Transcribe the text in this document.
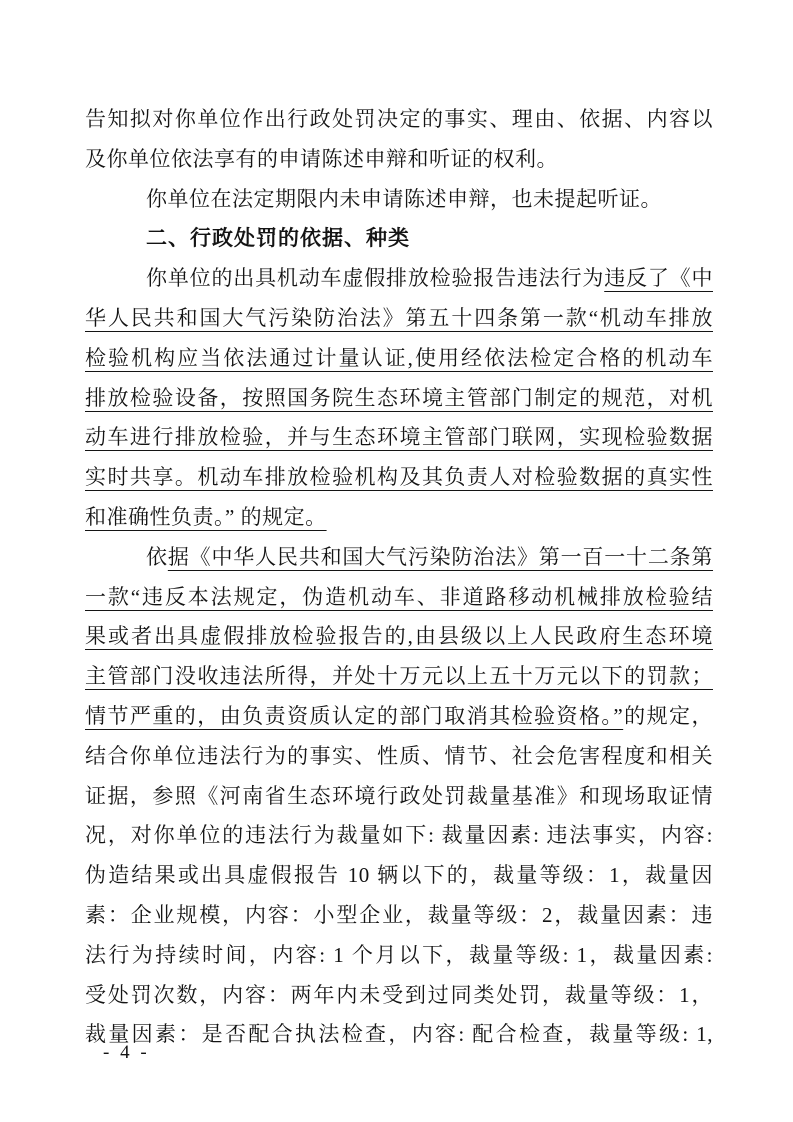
告知拟对你单位作出行政处罚决定的事实、理由、依据、内容以
及你单位依法享有的申请陈述申辩和听证的权利。
你单位在法定期限内未申请陈述申辩，也未提起听证。
二、行政处罚的依据、种类
你单位的出具机动车虚假排放检验报告违法行为违反了《中
华人民共和国大气污染防治法》第五十四条第一款“机动车排放
检验机构应当依法通过计量认证,使用经依法检定合格的机动车
排放检验设备，按照国务院生态环境主管部门制定的规范，对机
动车进行排放检验，并与生态环境主管部门联网，实现检验数据
实时共享。机动车排放检验机构及其负责人对检验数据的真实性
和准确性负责。” 的规定。
依据《中华人民共和国大气污染防治法》第一百一十二条第
一款“违反本法规定，伪造机动车、非道路移动机械排放检验结
果或者出具虚假排放检验报告的,由县级以上人民政府生态环境
主管部门没收违法所得，并处十万元以上五十万元以下的罚款；
情节严重的，由负责资质认定的部门取消其检验资格。”的规定，
结合你单位违法行为的事实、性质、情节、社会危害程度和相关
证据，参照《河南省生态环境行政处罚裁量基准》和现场取证情
况，对你单位的违法行为裁量如下: 裁量因素: 违法事实，内容:
伪造结果或出具虚假报告 10 辆以下的，裁量等级：1，裁量因
素：企业规模，内容：小型企业，裁量等级：2，裁量因素：违
法行为持续时间，内容: 1 个月以下，裁量等级: 1，裁量因素:
受处罚次数，内容：两年内未受到过同类处罚，裁量等级：1，
裁量因素：是否配合执法检查，内容: 配合检查，裁量等级: 1,
- 4 -
